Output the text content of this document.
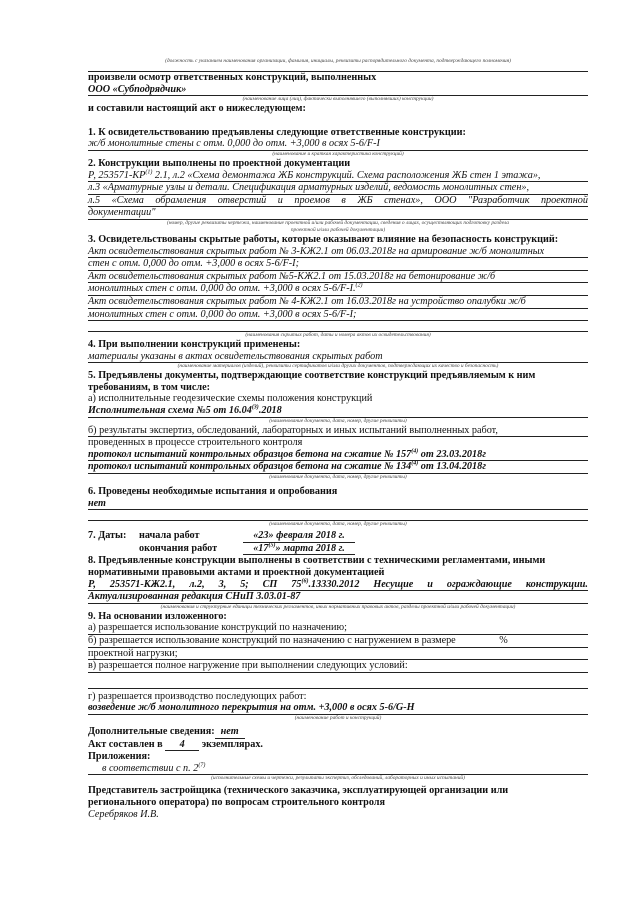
(должность с указанием наименования организации, фамилия, инициалы, реквизиты распорядительного документа, подтверждающего полномочия)
произвели осмотр ответственных конструкций, выполненных
ООО «Субподрядчик»
(наименование лица (лиц), фактически выполнявшего (выполнявших) конструкции)
и составили настоящий акт о нижеследующем:
1. К освидетельствованию предъявлены следующие ответственные конструкции:
ж/б монолитные стены с отм. 0,000 до отм. +3,000 в осях 5-6/F-I
(наименование и краткая характеристика конструкций)
2. Конструкции выполнены по проектной документации
Р, 253571-КР$^{(1)}$ 2.1, л.2 «Схема демонтажа ЖБ конструкций. Схема расположения ЖБ стен 1 этажа»,
л.3 «Арматурные узлы и детали. Спецификация арматурных изделий, ведомость монолитных стен»,
л.5 «Схема обрамления отверстий и проемов в ЖБ стенах», ООО "Разработчик проектной
документации"
(номер, другие реквизиты чертежа, наименование проектной и/или рабочей документации, сведения о лицах, осуществляющих подготовку раздела
проектной и/или рабочей документации)
3. Освидетельствованы скрытые работы, которые оказывают влияние на безопасность конструкций:
Акт освидетельствования скрытых работ № 3-КЖ2.1 от 06.03.2018г на армирование ж/б монолитных
стен с отм. 0,000 до отм. +3,000 в осях 5-6/F-I;
Акт освидетельствования скрытых работ №5-КЖ2.1 от 15.03.2018г на бетонирование ж/б
монолитных стен с отм. 0,000 до отм. +3,000 в осях 5-6/F-I.$^{(2)}$
Акт освидетельствования скрытых работ № 4-КЖ2.1 от 16.03.2018г на устройство опалубки ж/б
монолитных стен с отм. 0,000 до отм. +3,000 в осях 5-6/F-I;
(наименования скрытых работ, даты и номера актов их освидетельствования)
4. При выполнении конструкций применены:
материалы указаны в актах освидетельствования скрытых работ
(наименование материалов (изделий), реквизиты сертификатов и/или других документов, подтверждающих их качество и безопасность)
5. Предъявлены документы, подтверждающие соответствие конструкций предъявляемым к ним
требованиям, в том числе:
а) исполнительные геодезические схемы положения конструкций
Исполнительная схема №5 от 16.04$^{(3)}$.2018
(наименование документа, дата, номер, другие реквизиты)
б) результаты экспертиз, обследований, лабораторных и иных испытаний выполненных работ,
проведенных в процессе строительного контроля
протокол испытаний контрольных образцов бетона на сжатие № 157$^{(4)}$ от 23.03.2018г
протокол испытаний контрольных образцов бетона на сжатие № 134$^{(4)}$ от 13.04.2018г
(наименование документа, дата, номер, другие реквизиты)
6. Проведены необходимые испытания и опробования
нет
(наименование документа, дата, номер, другие реквизиты)
7. Даты: начала работ	«23» февраля 2018 г.
окончания работ	«17$^{(5)}$» марта 2018 г.
8. Предъявленные конструкции выполнены в соответствии с техническими регламентами, иными
нормативными правовыми актами и проектной документацией
Р, 253571-КЖ2.1, л.2, 3, 5; СП 75$^{(6)}$.13330.2012 Несущие и ограждающие конструкции.
Актуализированная редакция СНиП 3.03.01-87
(наименования и структурные единицы технических регламентов, иных нормативных правовых актов, разделы проектной и/или рабочей документации)
9. На основании изложенного:
а) разрешается использование конструкций по назначению;
б) разрешается использование конструкций по назначению с нагружением в размере	%
проектной нагрузки;
в) разрешается полное нагружение при выполнении следующих условий:
г) разрешается производство последующих работ:
возведение ж/б монолитного перекрытия на отм. +3,000 в осях 5-6/G-H
(наименование работ и конструкций)
Дополнительные сведения: нет
Акт составлен в 4 экземплярах.
Приложения:
в соответствии с п. 2$^{(7)}$
(исполнительные схемы и чертежи, результаты экспертиз, обследований, лабораторных и иных испытаний)
Представитель застройщика (технического заказчика, эксплуатирующей организации или
регионального оператора) по вопросам строительного контроля
Серебряков И.В.
